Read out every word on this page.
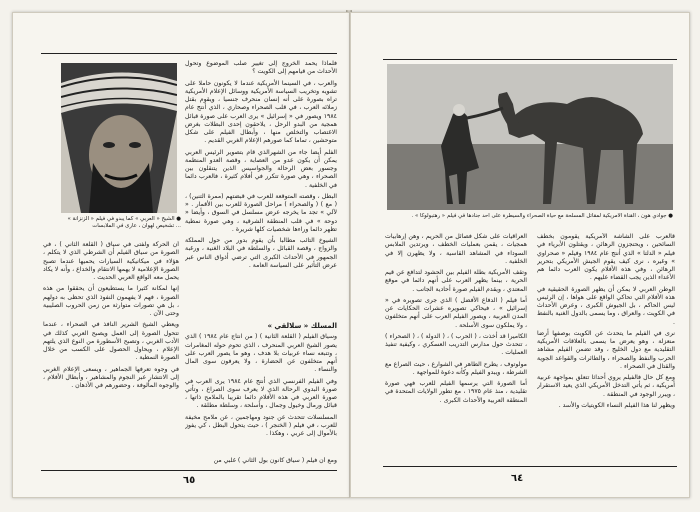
● الشيخ « العربي » كما يبدو في فيلم « الزنزانة » ... تشخيص لهوان ، عارى في الملابسات

فلماذا يحمد الخروج إلى تغيير صلب الموضوع وتحول الأحداث من قيامهم إلى الكويت ؟

والعرب ، في السينما الأمريكية عندما لا يكونون حاملا على تشويه وتخريب السياسة الأمريكية ووسائل الإعلام الأمريكية تراه بصورة على أنه إنسان منحرف جنسيا ، ويقوم بقتل زملائه العرب ، في قلب الصحراء وصحاري ، الذي أنتج عام ١٩٨٤ ويصور في « إسرائيل » يرى العرب على صورة قبائل همجية من البدو الرحل ، يلاحقون إحدى البطلات بغرض الاغتصاب والتخلص منها ، وأبطال الفيلم على شكل متوحشين ، تماما كما صورهم الإعلام الغربي القديم .

الفلم أيضا جاء من الشهرالذي قام بتصوير الرئيس العربي يمكن أن يكون عدو من العصابة ، وقصة العدو المنظمة وجسور بعض الرحالة والجواسيس الذين يتنقلون بين الصحراء ، وهي صورة تتكرر في أفلام كثيرة ، فالعرب دائما في الخلفية .

البطل ، وقصته المتوقعة للعرب في قبضتهم (ممرة التنين) ، ( مع ) ( والصحراء ) مراحل الصورة للعرب بين الأقمار . « لآلي » تجد ما يخرجه عرض مسلسل في السوق ، وأيضا « دوحة » في قلب المنطقة الشرقية ، وهي صورة نمطية تظهر دائما وراءها شخصيات كلها شريرة .

الشيوخ التائب مطالبا بأن يقوم بدور من حول المملكة والزواج ، وقصة القبائل ، والسلطة في البلاد الغنية ، ورغبة الجمهور في الأحداث الكبرى التي ترضي أذواق الناس عبر عرض التأثير على السياسة العامة .

المسلك « سلالقي »

وسياق الفيلم ( القلعة الثانية ) ( من انتاج عام ١٩٨٤ ) الذي يصور الشيخ العربي المنحرف ، الذي تحوم حوله المغامرات ، وتتبعه نساء عربيات بلا هدف ، وهو ما يصور العرب على أنهم متخلفون عن الحضارة ، ولا يعرفون سوى المال والنساء .

وفي الفيلم الفرنسي الذي أنتج عام ١٩٨٤ يرى العرب في صورة البدوي الرحالة الذي لا يعرف سوى الصراع ، وتأتي صورة العربي في هذه الأفلام دائما تقريبا بالملامح ذاتها ، قبائل ورمال وخيول وجمال ، وأسلحة ، وسلطة مطلقة .

المسلسلات تتحدث عن جنود ومهاجمين ، عن ملامح مخيفة للعرب ، في فيلم ( الخنجر ) ، حيث يتحول البطل ، كي يفوز بالأموال إلى عربي ، وهكذا .

أن الحركة ولفتى في سياق ( القلعة الثاني ) ، في الصورة من سياق الفيلم أن الشرطي الذي لا يتكلم ، هؤلاء في ميكانيكية السيارات يحميها عندما تصبح الصورة الإعلامية لا يهمها الانتقام والخداع ، وأنه لا يكاد يحمل معه الواقع العربي الحديث .

إنها لمكانة كثيرا ما يستطيعون أن يحققوا من هذه الصورة ، فهم لا يفهمون النفوذ الذي تحظى به دولهم ، بل هي تصورات متوارثة من زمن الحروب الصليبية وحتى الآن .

ويعطي الشيخ الشرير النافذ في الصحراء ، عندما تتحول الصورة إلى العمل ويصبح العربي كذلك في الأدب الغربي ، وتصبح الأسطورة من النوع الذي يلتهم الإعلام ، ويحاول الحصول على الكسب من خلال الصورة النمطية .

في وجوه تعرفها الجماهير ، ويسعى الإعلام الغربي إلى الانتشار عبر النجوم والمشاهير ، وأبطال الأفلام ، والوجوه المألوفة ، وحضورهم في الأذهان .

ومع أن فيلم ( سياق كانون بول الثاني ) غلبي من
٦٥
● جوادي هون ، القناة الأمريكية لمقاتل المسلحة مع حياة الصحراء والسيطرة على أحد جنادها في فيلم « رهتبولوكا » .

قالعرب على الشاشة الأمريكية يقومون بخطف السائحين ، ويحتجزون الرهائن ، ويقتلون الأبرياء في فيلم « الدلتا » الذي أنتج عام ١٩٨٤ وفيلم « صحراوي » وغيره ، نرى كيف يقوم الجيش الأمريكي بتحرير الرهائن ، وفي هذه الأفلام يكون العرب دائما هم الأعداء الذين يجب القضاء عليهم .

الوطن العربي لا يمكن أن يظهر الصورة الحقيقية في هذه الأفلام التي تحاكي الواقع على هواها ، إن الرئيس ليس الحاكم ، بل الجيوش الكبرى ، وعرض الأحداث في الكويت ، والعراق ، وما يسمى بالدول الغنية بالنفط .

نرى في الفيلم ما يتحدث عن الكويت بوصفها أرضا منعزلة ، وهو يعرض ما يسمى بالعلاقات الأمريكية التقليدية مع دول الخليج ، وقد تضمن الفيلم مشاهد الحرب والنفط والصحراء ، والطائرات والقواعد الجوية والقتال في الصحراء .

ومع كل حال فالفيلم يروي أحداثا تتعلق بمواجهة عربية أمريكية ، ثم يأتي التدخل الأمريكي الذي يعيد الاستقرار ، ويبرر الوجود في المنطقة .

ويظهر لنا هذا الفيلم النساء الكويتيات والأسد .

العراقيات على شكل فصائل من الحريم ، وهن إرهابيات همجيات ، يقمن بعمليات الخطف ، ويرتدين الملابس السوداء في المشاهد القاسية ، ولا يظهرن إلا في الخلفية .

وتقف الأمريكية بطلة الفيلم بين الحشود لتدافع عن قيم الحرية ، بينما يظهر العرب على أنهم دائما في موقع المعتدي ، ويقدم الفيلم صورة أحادية الجانب .

أما فيلم ( الدفاع الأفضل ) الذي جرى تصويره في « إسرائيل » ، فيحاكي تصويره عشرات الحكايات عن المدن العربية ، ويصور الفيلم العرب على أنهم متخلفون ، ولا يملكون سوى الأسلحة .

الكاميرا قد أخذت ، ( الحرب ) ، ( الدولة ) ، ( الصحراء ) ، تتحدث حول مدارس التدريب العسكري ، وكيفية تنفيذ العمليات .

مولوتوف ، يطرح الطاهر في الشوارع ، حيث الصراع مع الشرطة ، ويبدو الفيلم وكأنه دعوة للمواجهة .

أما الصورة التي يرسمها الفيلم للعرب فهي صورة تقليدية ، منذ عام ١٩٧٥ ، مع تطور الولايات المتحدة في المنطقة العربية والأحداث الكبرى .

٦٤
